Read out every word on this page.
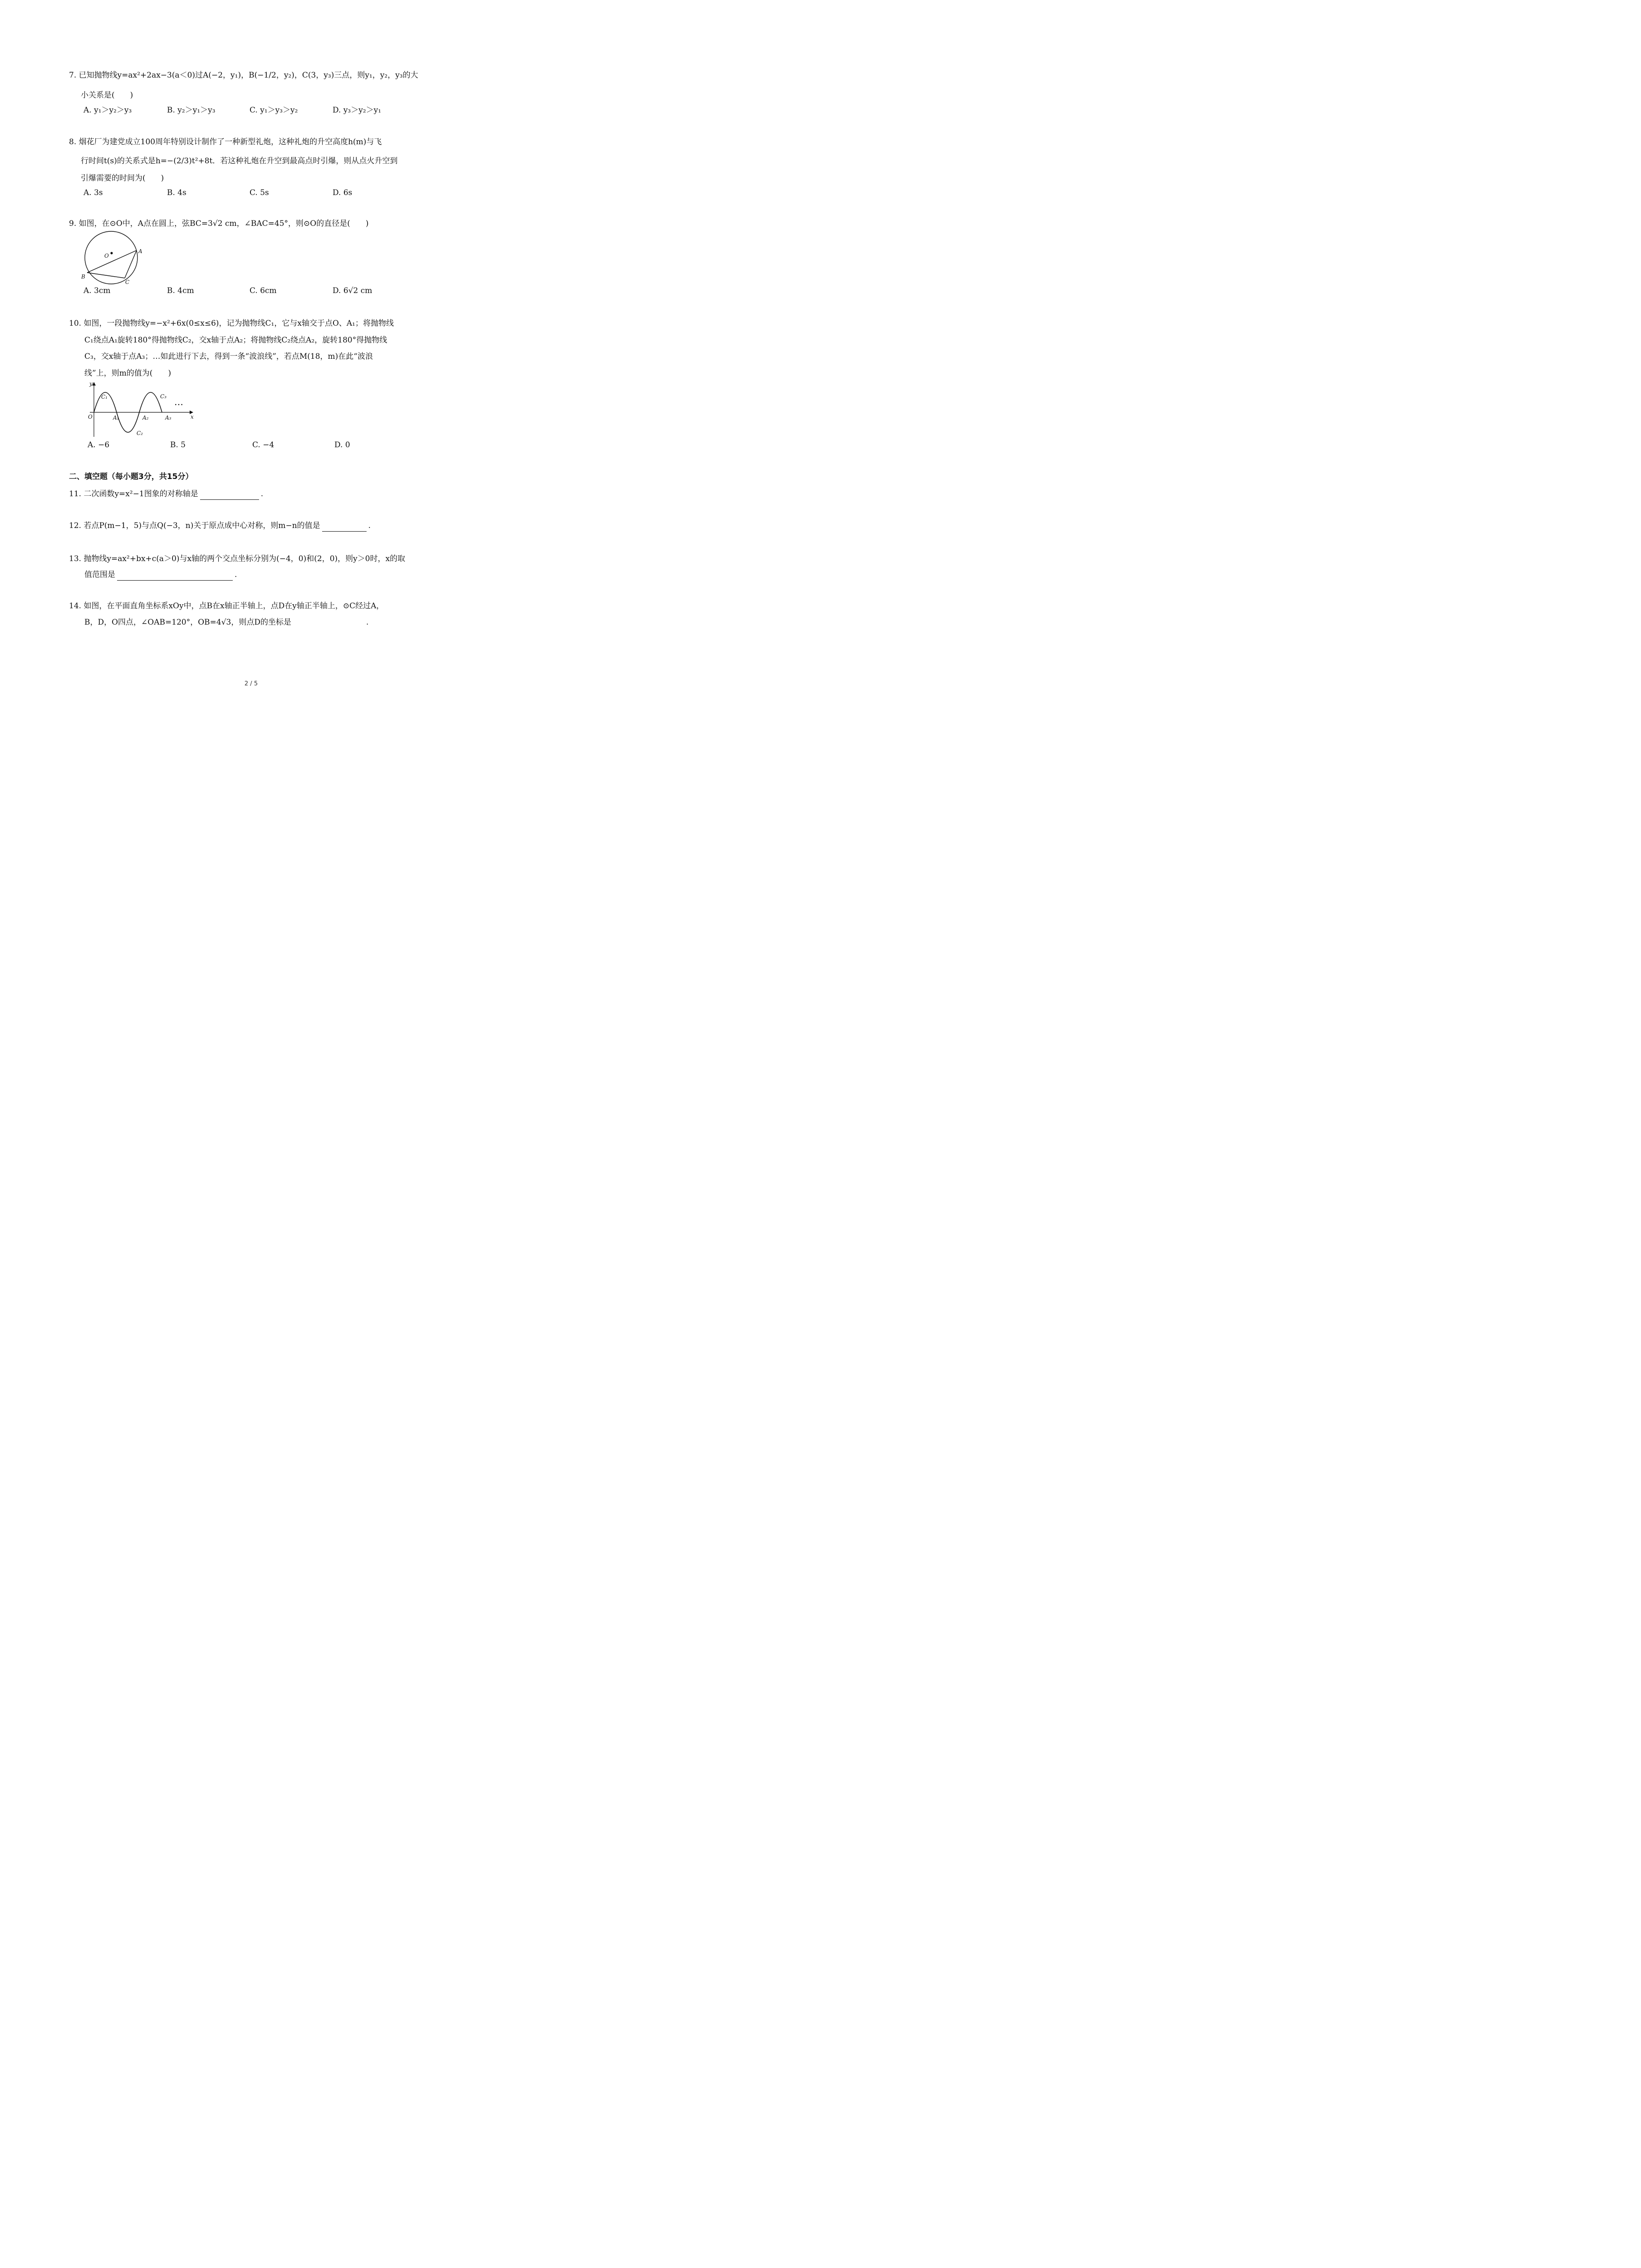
7. 已知抛物线y=ax²+2ax−3(a＜0)过A(−2，y₁)，B(−1/2，y₂)，C(3，y₃)三点，则y₁，y₂，y₃的大
小关系是(　　)
A. y₁＞y₂＞y₃	B. y₂＞y₁＞y₃	C. y₁＞y₃＞y₂	D. y₃＞y₂＞y₁
8. 烟花厂为建党成立100周年特别设计制作了一种新型礼炮，这种礼炮的升空高度h(m)与飞
行时间t(s)的关系式是h=−(2/3)t²+8t．若这种礼炮在升空到最高点时引爆，则从点火升空到
引爆需要的时间为(　　)
A. 3s	B. 4s	C. 5s	D. 6s
9. 如图，在⊙O中，A点在圆上，弦BC=3√2 cm，∠BAC=45°，则⊙O的直径是(　　)
O
A
B
C
A. 3cm	B. 4cm	C. 6cm	D. 6√2 cm
10. 如图，一段抛物线y=−x²+6x(0≤x≤6)，记为抛物线C₁，它与x轴交于点O、A₁；将抛物线
C₁绕点A₁旋转180°得抛物线C₂，交x轴于点A₂；将抛物线C₂绕点A₂，旋转180°得抛物线
C₃，交x轴于点A₃；…如此进行下去，得到一条“波浪线”，若点M(18，m)在此“波浪
线”上，则m的值为(　　)
y
x
O	A₁	A₂	A₃
C₁
C₂
C₃ …
A. −6	B. 5	C. −4	D. 0
二、填空题（每小题3分，共15分）
11. 二次函数y=x²−1图象的对称轴是	.
12. 若点P(m−1，5)与点Q(−3，n)关于原点成中心对称，则m−n的值是	.
13. 抛物线y=ax²+bx+c(a＞0)与x轴的两个交点坐标分别为(−4，0)和(2，0)，则y＞0时，x的取
值范围是	.
14. 如图，在平面直角坐标系xOy中，点B在x轴正半轴上，点D在y轴正半轴上，⊙C经过A，
B，D，O四点，∠OAB=120°，OB=4√3，则点D的坐标是	.
2 / 5
